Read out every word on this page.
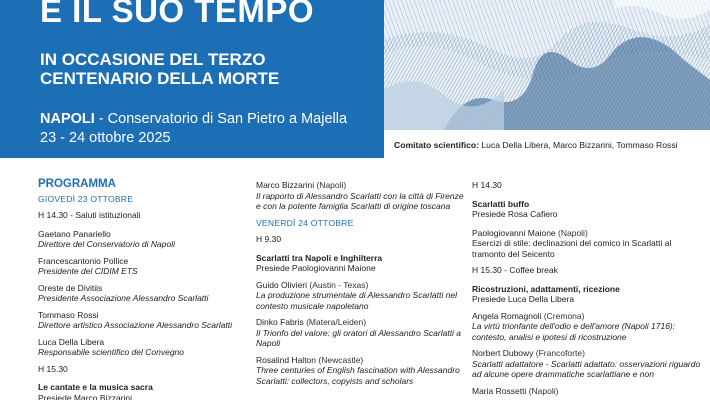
E IL SUO TEMPO
IN OCCASIONE DEL TERZO
CENTENARIO DELLA MORTE
NAPOLI - Conservatorio di San Pietro a Majella
23 - 24 ottobre 2025	Comitato scientifico: Luca Della Libera, Marco Bizzarini, Tommaso Rossi
PROGRAMMA
GIOVEDÌ 23 OTTOBRE
H 14.30 - Saluti istituzionali
Gaetano Panariello
Direttore del Conservatorio di Napoli
Francescantonio Pollice
Presidente del CIDIM ETS
Oreste de Divitiis
Presidente Associazione Alessandro Scarlatti
Tommaso Rossi
Direttore artistico Associazione Alessandro Scarlatti
Luca Della Libera
Responsabile scientifico del Convegno
H 15.30
Le cantate e la musica sacra
Presiede Marco Bizzarini
Marco Bizzarini (Napoli)
Il rapporto di Alessandro Scarlatti con la città di Firenze e con la potente famiglia Scarlatti di origine toscana
VENERDÌ 24 OTTOBRE
H 9.30
Scarlatti tra Napoli e Inghilterra
Presiede Paologiovanni Maione
Guido Olivieri (Austin - Texas)
La produzione strumentale di Alessandro Scarlatti nel contesto musicale napoletano
Dinko Fabris (Matera/Leiden)
Il Trionfo del valore: gli oratori di Alessandro Scarlatti a Napoli
Rosalind Halton (Newcastle)
Three centuries of English fascination with Alessandro Scarlatti: collectors, copyists and scholars
H 14.30
Scarlatti buffo
Presiede Rosa Cafiero
Paologiovanni Maione (Napoli)
Esercizi di stile: declinazioni del comico in Scarlatti al tramonto del Seicento
H 15.30 - Coffee break
Ricostruzioni, adattamenti, ricezione
Presiede Luca Della Libera
Angela Romagnoli (Cremona)
La virtù trionfante dell'odio e dell'amore (Napoli 1716): contesto, analisi e ipotesi di ricostruzione
Norbert Dubowy (Francoforte)
Scarlatti adattatore - Scarlatti adattato: osservazioni riguardo ad alcune opere drammatiche scarlattiane e non
Maria Rossetti (Napoli)
